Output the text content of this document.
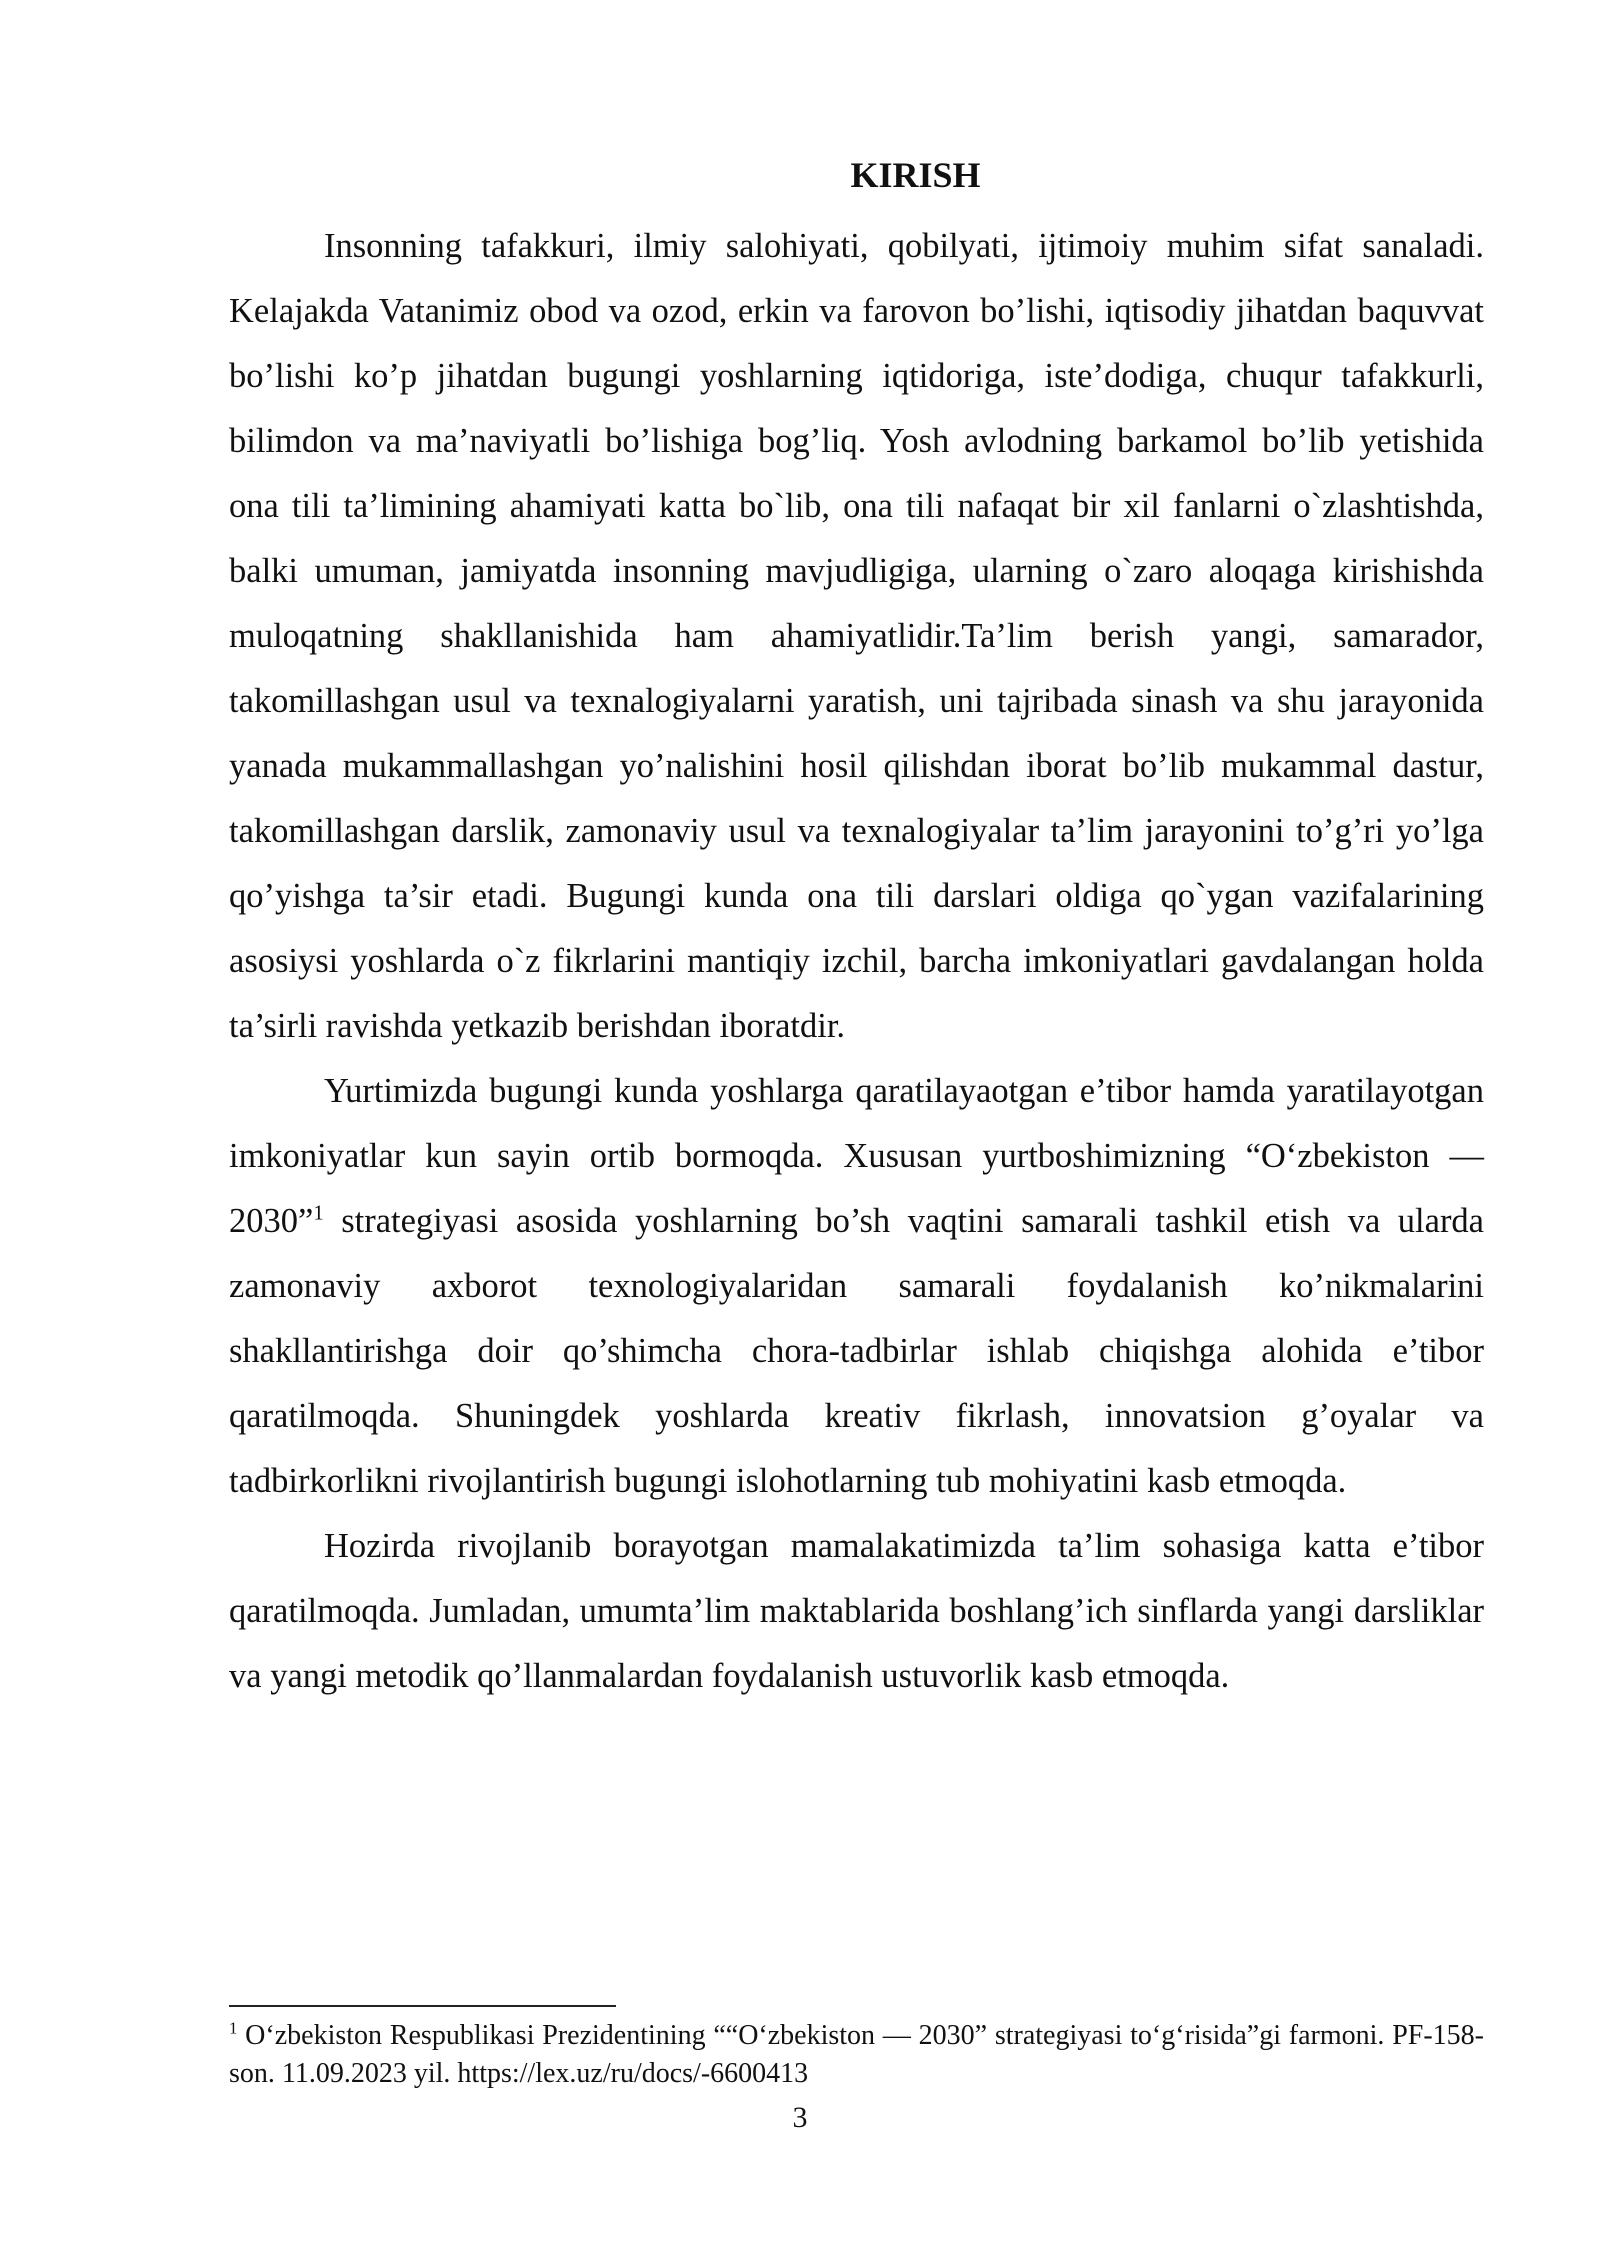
KIRISH

Insonning tafakkuri, ilmiy salohiyati, qobilyati, ijtimoiy muhim sifat sanaladi. Kelajakda Vatanimiz obod va ozod, erkin va farovon bo’lishi, iqtisodiy jihatdan baquvvat bo’lishi ko’p jihatdan bugungi yoshlarning iqtidoriga, iste’dodiga, chuqur tafakkurli, bilimdon va ma’naviyatli bo’lishiga bog’liq. Yosh avlodning barkamol bo’lib yetishida ona tili ta’limining ahamiyati katta bo`lib, ona tili nafaqat bir xil fanlarni o`zlashtishda, balki umuman, jamiyatda insonning mavjudligiga, ularning o`zaro aloqaga kirishishda muloqatning shakllanishida ham ahamiyatlidir.Ta’lim berish yangi, samarador, takomillashgan usul va texnalogiyalarni yaratish, uni tajribada sinash va shu jarayonida yanada mukammallashgan yo’nalishini hosil qilishdan iborat bo’lib mukammal dastur, takomillashgan darslik, zamonaviy usul va texnalogiyalar ta’lim jarayonini to’g’ri yo’lga qo’yishga ta’sir etadi. Bugungi kunda ona tili darslari oldiga qo`ygan vazifalarining asosiysi yoshlarda o`z fikrlarini mantiqiy izchil, barcha imkoniyatlari gavdalangan holda ta’sirli ravishda yetkazib berishdan iboratdir.

Yurtimizda bugungi kunda yoshlarga qaratilayaotgan e’tibor hamda yaratilayotgan imkoniyatlar kun sayin ortib bormoqda. Xususan yurtboshimizning “O‘zbekiston — 2030”$^1$ strategiyasi asosida yoshlarning bo’sh vaqtini samarali tashkil etish va ularda zamonaviy axborot texnologiyalaridan samarali foydalanish ko’nikmalarini shakllantirishga doir qo’shimcha chora-tadbirlar ishlab chiqishga alohida e’tibor qaratilmoqda. Shuningdek yoshlarda kreativ fikrlash, innovatsion g’oyalar va tadbirkorlikni rivojlantirish bugungi islohotlarning tub mohiyatini kasb etmoqda.

Hozirda rivojlanib borayotgan mamalakatimizda ta’lim sohasiga katta e’tibor qaratilmoqda. Jumladan, umumta’lim maktablarida boshlang’ich sinflarda yangi darsliklar va yangi metodik qo’llanmalardan foydalanish ustuvorlik kasb etmoqda.

$^1$ O‘zbekiston Respublikasi Prezidentining ““O‘zbekiston — 2030” strategiyasi to‘g‘risida”gi farmoni. PF-158-son. 11.09.2023 yil. https://lex.uz/ru/docs/-6600413

3
